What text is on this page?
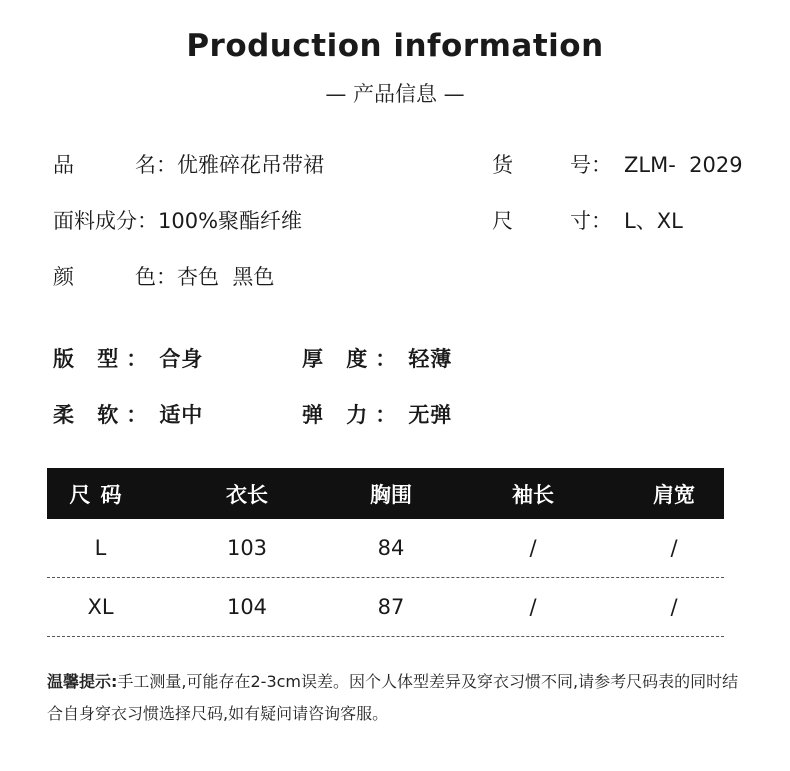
Production information
— 产品信息 —
品	名： 优雅碎花吊带裙	货	号： ZLM-  2029
面料成分：100%聚酯纤维	尺	寸： L、XL
颜	色： 杏色  黑色
版 型： 合身	厚 度： 轻薄
柔 软： 适中	弹 力： 无弹
尺码	衣长	胸围	袖长	肩宽
L	103	84	/	/
XL	104	87	/	/
温馨提示:手工测量,可能存在2-3cm误差。因个人体型差异及穿衣习惯不同,请参考尺码表的同时结合自身穿衣习惯选择尺码,如有疑问请咨询客服。
